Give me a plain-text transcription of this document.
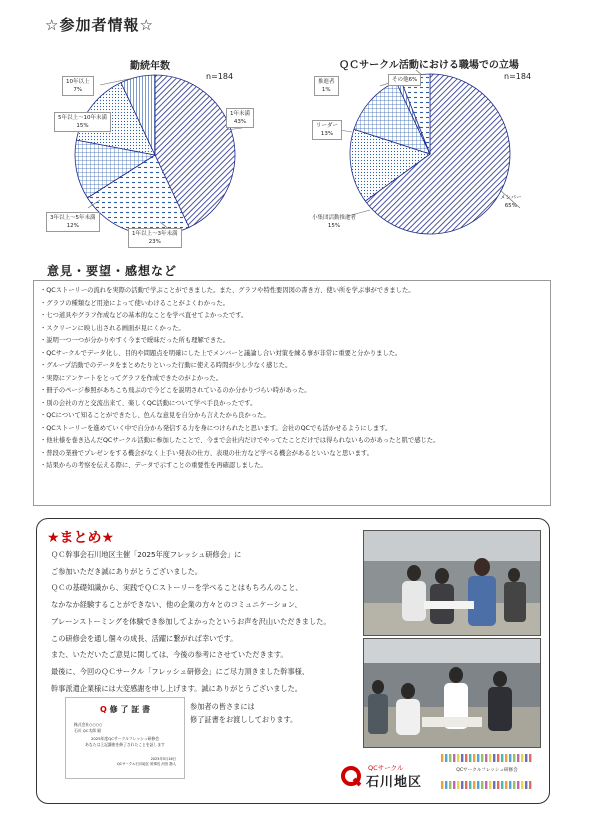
☆参加者情報☆
勤続年数
n=184
ＱＣサークル活動における職場での立場
n=184
意見・要望・感想など
・QCストーリーの流れを実際の活動で学ぶことができました。また、グラフや特性要因図の書き方、使い所を学ぶ事ができました。
・グラフの種類など用途によって使いわけることがよくわかった。
・七つ道具やグラフ作成などの基本的なことを学べ直せてよかったです。
・スクリーンに映し出される画面が見にくかった。
・説明一つ一つが分かりやすく今まで曖昧だった所も理解できた。
・QCサークルでデータ化し、目的や問題点を明確にした上でメンバーと議論し合い対策を練る事が非常に重要と分かりました。
・グループ活動でのデータをまとめたりといった行動に使える時間が少し少なく感じた。
・実際にアンケートをとってグラフを作成できたのがよかった。
・冊子のページ参照があちこち飛ぶので今どこを説明されているのか分かりづらい時があった。
・別の会社の方と交流出来て、楽しくQC活動について学べ手良かったです。
・QCについて知ることができたし、色んな意見を自分から言えたから良かった。
・QCストーリーを進めていく中で自分から発信する力を身につけられたと思います。会社のQCでも活かせるようにします。
・他社様を巻き込んだQCサークル活動に参加したことで、今まで会社内だけでやってたことだけでは得られないものがあったと肌で感じた。
・普段の業務でプレゼンをする機会がなく上手い発表の仕方、表現の仕方など学べる機会があるといいなと思います。
・結果からの考察を伝える際に、データで示すことの重要性を再確認しました。
★まとめ★
ＱＣ幹事会石川地区主催「2025年度フレッシュ研修会」に
ご参加いただき誠にありがとうございました。
ＱＣの基礎知識から、実践でＱＣストーリーを学べることはもちろんのこと、
なかなか経験することができない、他の企業の方々とのコミュニケーション、
ブレーンストーミングを体験でき参加してよかったというお声を沢山いただきました。
この研修会を通し個々の成長、活躍に繋がれば幸いです。
また、いただいたご意見に関しては、今後の参考にさせていただきます。
最後に、今回のＱＣサークル「フレッシュ研修会」にご尽力頂きました幹事様、
幹事派遣企業様には大変感謝を申し上げます。誠にありがとうございました。
Q 修 了 証 書
株式会社○○○○
石川 QC太郎 殿
2025年度QCサークルフレッシュ研修会
あなたは上記講座を修了されたことを証します
2025年5月16日
QCサークル石川地区 幹事長 河田 静人
参加者の皆さまには
修了証書をお渡ししております。
QCサークル
石川地区
QCサークルフレッシュ研修会
1年未満
43%
1年以上～3年未満
23%
3年以上～5年未満
12%
5年以上～10年未満
15%
10年以上
7%
メンバー
65%
小集団活動推進者
15%
リーダー
13%
推進者
1%
その他6%
